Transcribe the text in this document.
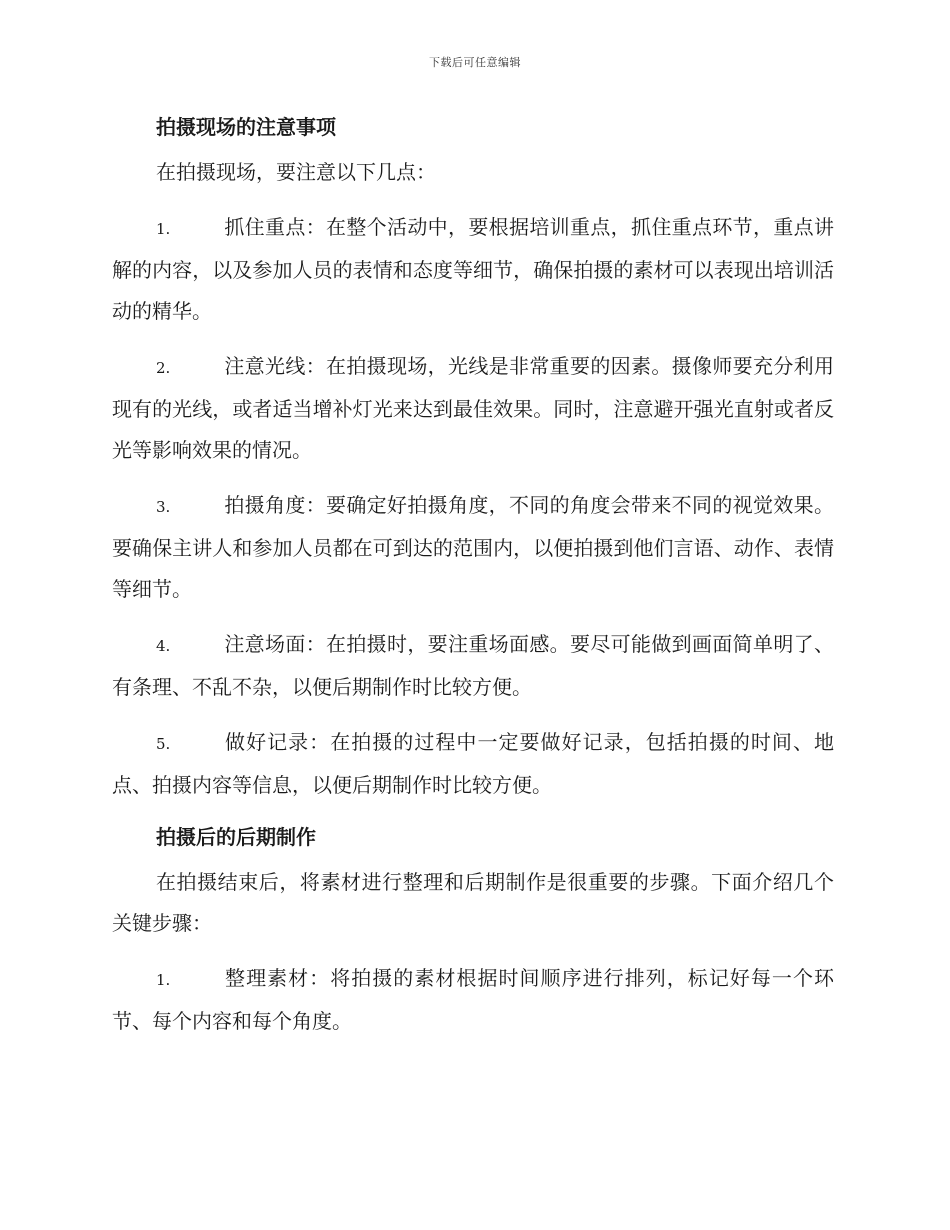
下载后可任意编辑
拍摄现场的注意事项

在拍摄现场，要注意以下几点：

1.	抓住重点：在整个活动中，要根据培训重点，抓住重点环节，重点讲解的内容，以及参加人员的表情和态度等细节，确保拍摄的素材可以表现出培训活动的精华。

2.	注意光线：在拍摄现场，光线是非常重要的因素。摄像师要充分利用现有的光线，或者适当增补灯光来达到最佳效果。同时，注意避开强光直射或者反光等影响效果的情况。

3.	拍摄角度：要确定好拍摄角度，不同的角度会带来不同的视觉效果。要确保主讲人和参加人员都在可到达的范围内，以便拍摄到他们言语、动作、表情等细节。

4.	注意场面：在拍摄时，要注重场面感。要尽可能做到画面简单明了、有条理、不乱不杂，以便后期制作时比较方便。

5.	做好记录：在拍摄的过程中一定要做好记录，包括拍摄的时间、地点、拍摄内容等信息，以便后期制作时比较方便。

拍摄后的后期制作

在拍摄结束后，将素材进行整理和后期制作是很重要的步骤。下面介绍几个关键步骤：

1.	整理素材：将拍摄的素材根据时间顺序进行排列，标记好每一个环节、每个内容和每个角度。
